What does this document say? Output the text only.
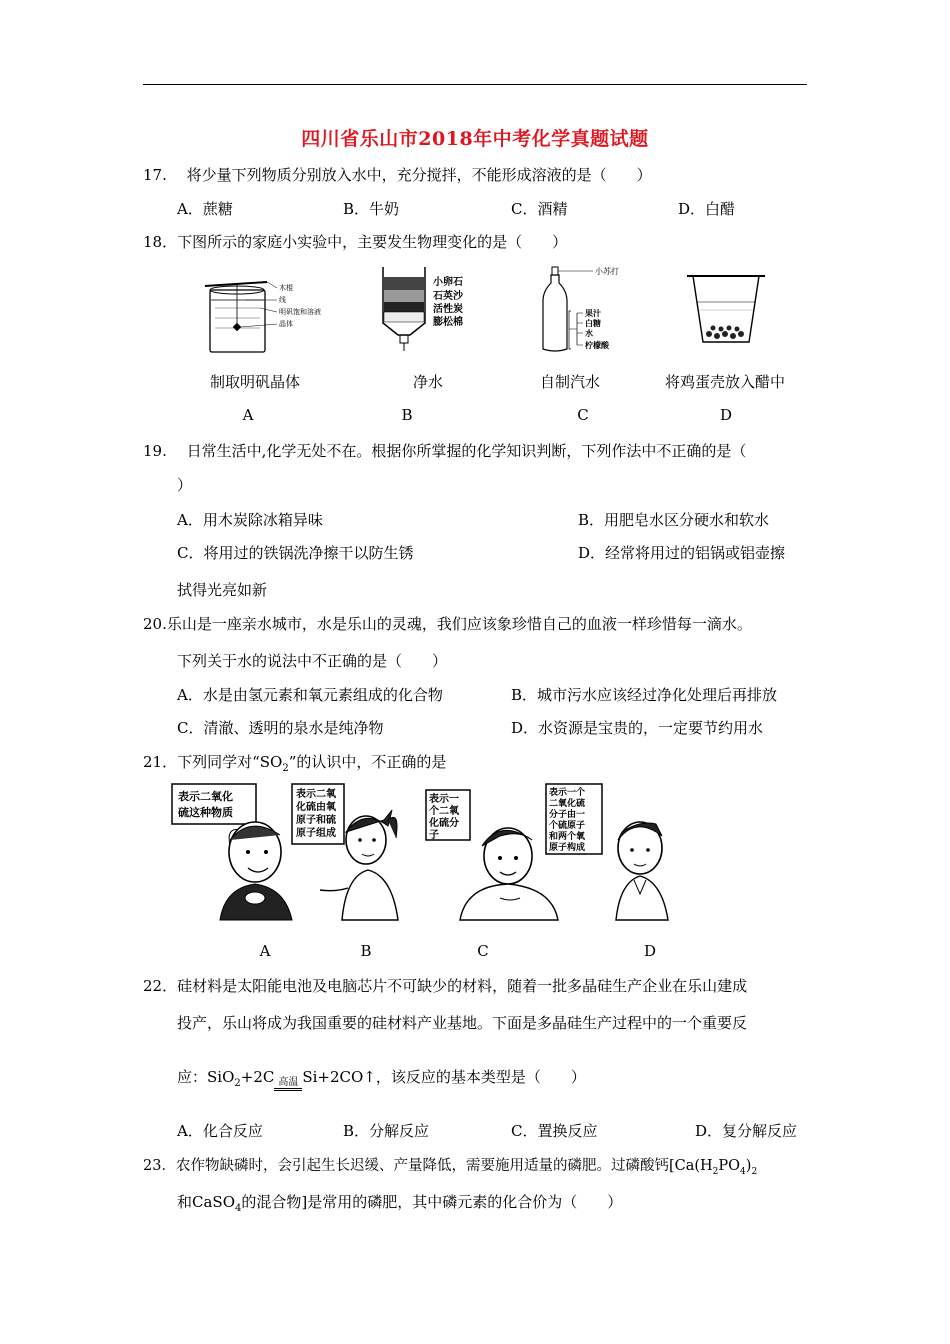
四川省乐山市2018年中考化学真题试题
17.　 将少量下列物质分别放入水中，充分搅拌，不能形成溶液的是（　　）
A．蔗糖	B．牛奶	C．酒精	D．白醋
18．下图所示的家庭小实验中，主要发生物理变化的是（　　）
木棍
线
明矾饱和溶液
晶体
小卵石
石英沙
活性炭
膨松棉
小苏打
果汁
白糖
水
柠檬酸
制取明矾晶体	净水	自制汽水	将鸡蛋壳放入醋中
A	B	C	D
19.　 日常生活中,化学无处不在。根据你所掌握的化学知识判断，下列作法中不正确的是（
）
A．用木炭除冰箱异味	B．用肥皂水区分硬水和软水
C．将用过的铁锅洗净擦干以防生锈	D．经常将用过的铝锅或铝壶擦
拭得光亮如新
20.乐山是一座亲水城市，水是乐山的灵魂，我们应该象珍惜自己的血液一样珍惜每一滴水。
下列关于水的说法中不正确的是（　　）
A．水是由氢元素和氧元素组成的化合物	B．城市污水应该经过净化处理后再排放
C．清澈、透明的泉水是纯净物	D．水资源是宝贵的，一定要节约用水
21．下列同学对“$SO_2$”的认识中，不正确的是
表示二氧化
硫这种物质
表示二氧
化硫由氧
原子和硫
原子组成
表示一
个二氧
化硫分
子
表示一个
二氧化硫
分子由一
个硫原子
和两个氧
原子构成
A	B	C	D
22．硅材料是太阳能电池及电脑芯片不可缺少的材料，随着一批多晶硅生产企业在乐山建成
投产，乐山将成为我国重要的硅材料产业基地。下面是多晶硅生产过程中的一个重要反
应：SiO$_2$+2C $_{高温}$ Si+2CO↑，该反应的基本类型是（　　）
A．化合反应	B．分解反应	C．置换反应	D．复分解反应
23．农作物缺磷时，会引起生长迟缓、产量降低，需要施用适量的磷肥。过磷酸钙[$Ca(H_2PO_4)_2$
和CaSO$_4$的混合物]是常用的磷肥，其中磷元素的化合价为（　　）
